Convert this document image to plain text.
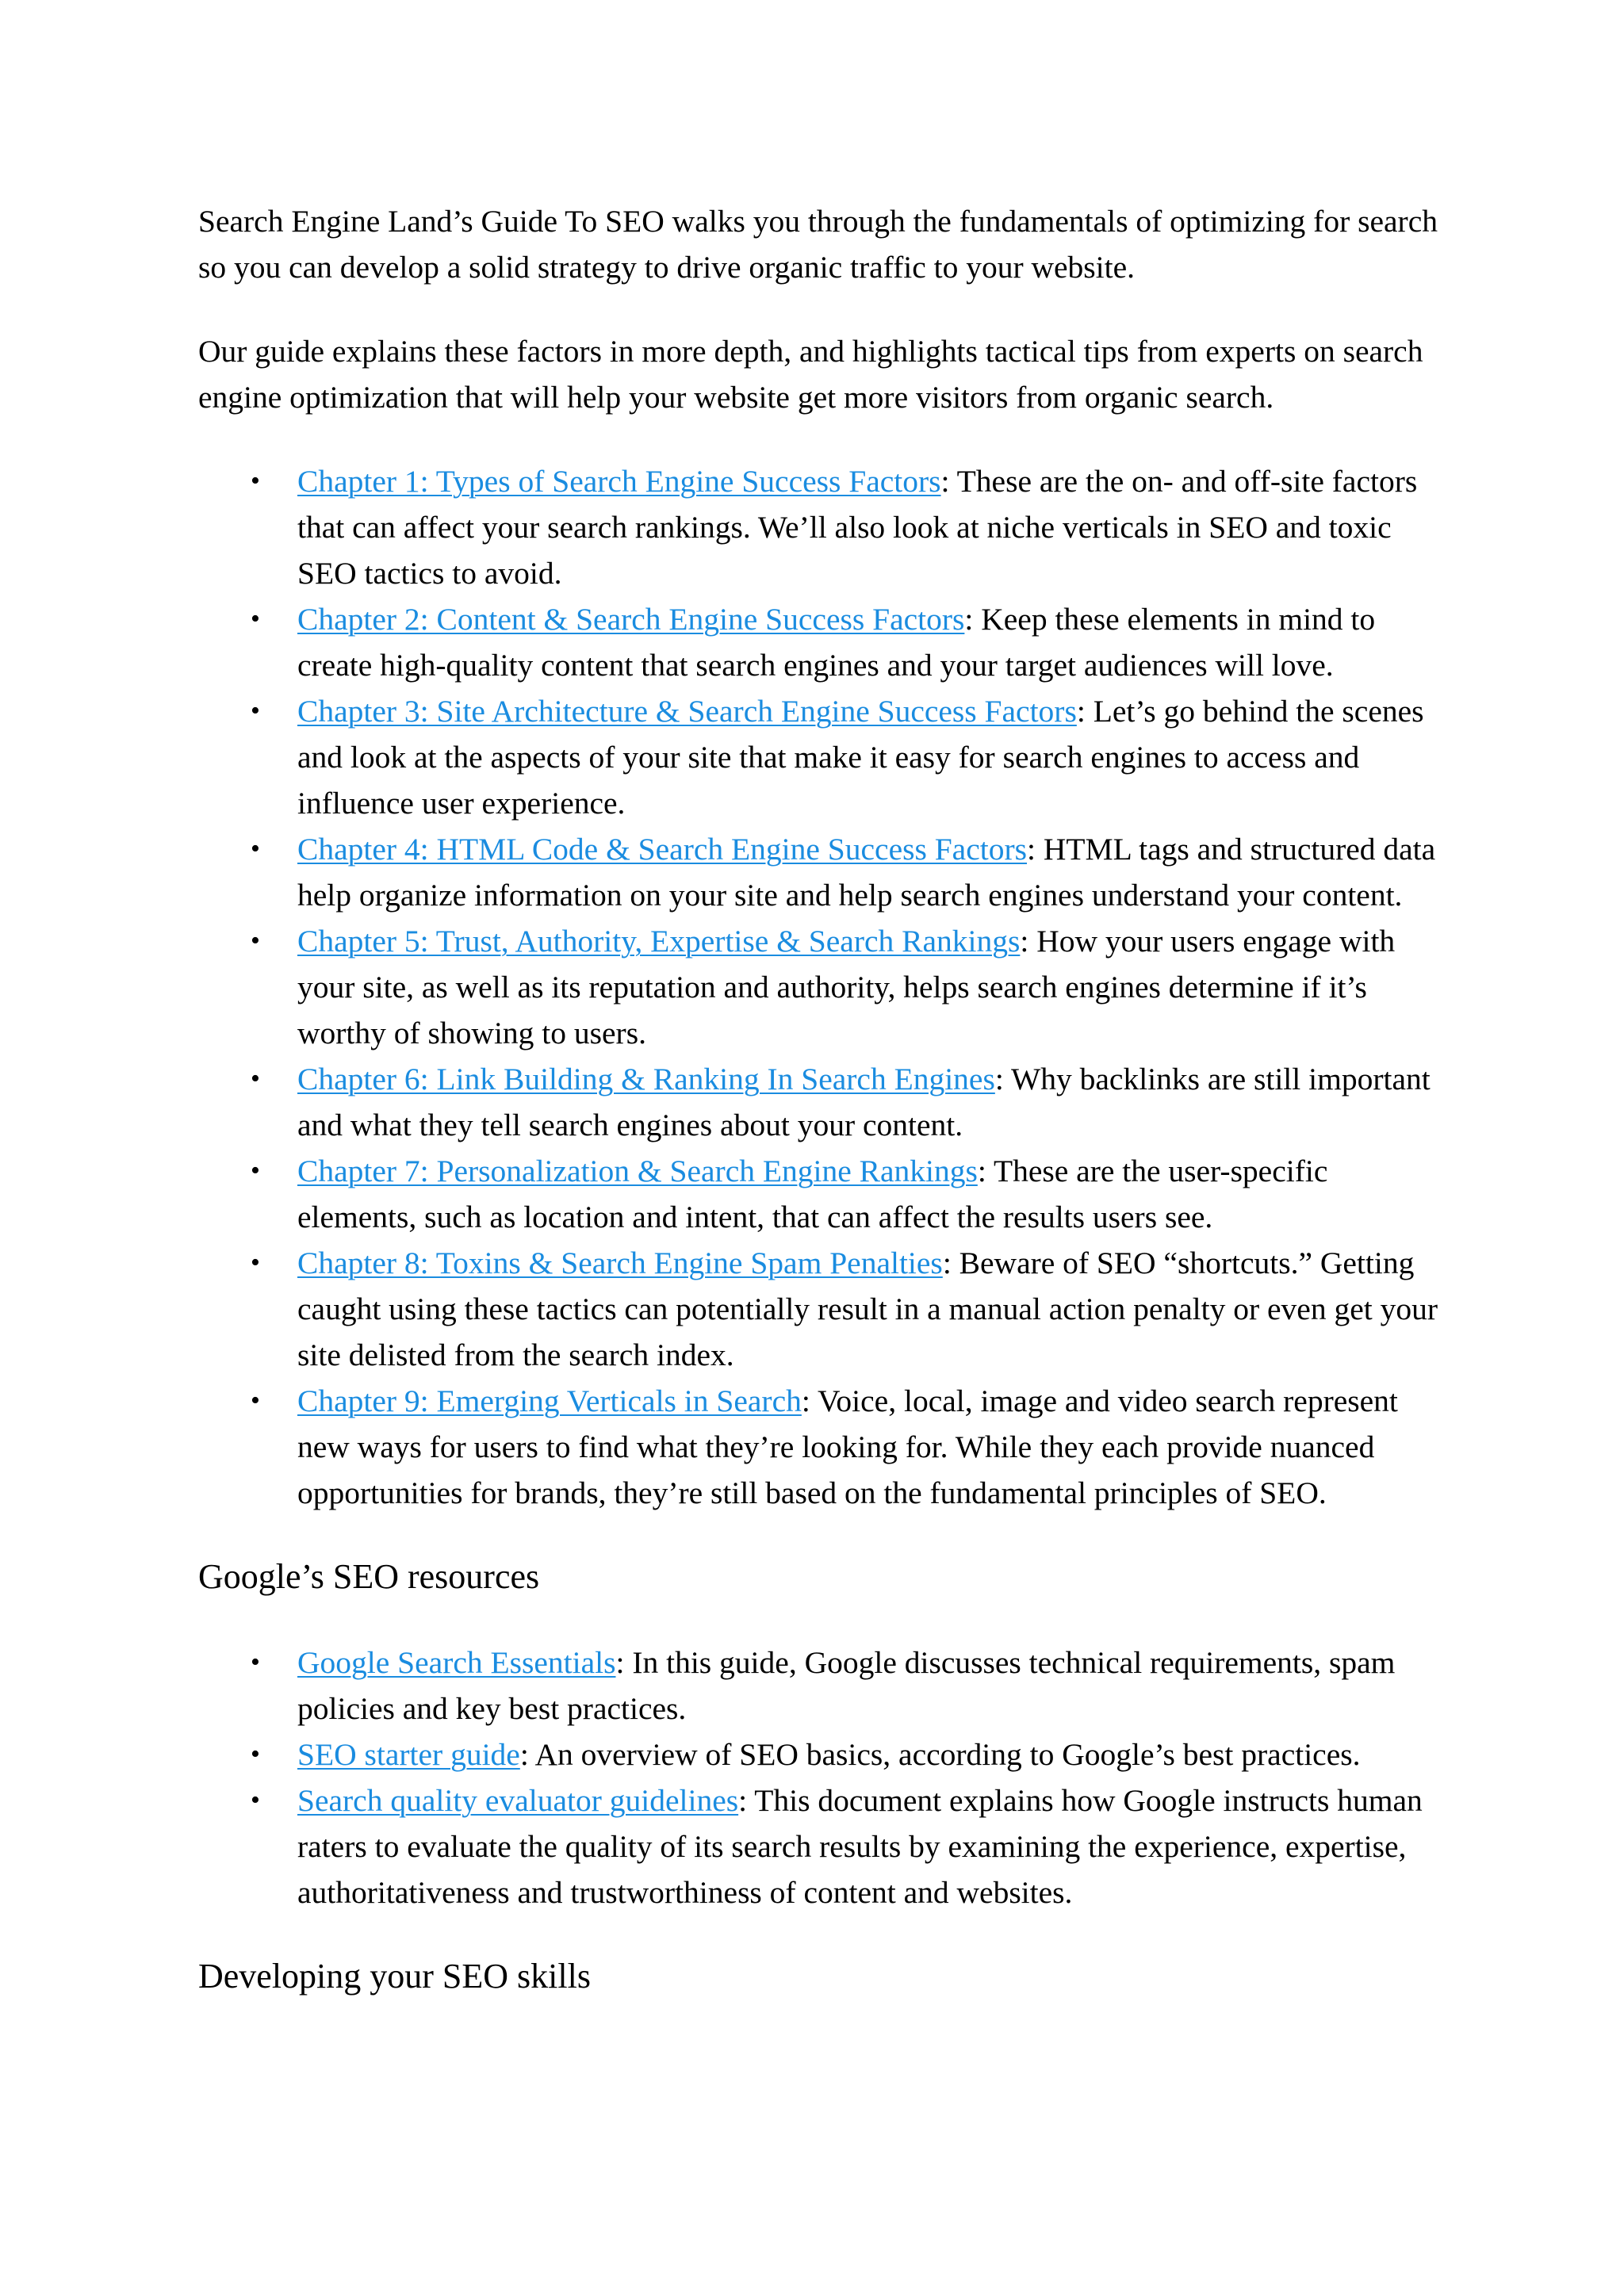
Search Engine Land’s Guide To SEO walks you through the fundamentals of optimizing for search so you can develop a solid strategy to drive organic traffic to your website.

Our guide explains these factors in more depth, and highlights tactical tips from experts on search engine optimization that will help your website get more visitors from organic search.

• Chapter 1: Types of Search Engine Success Factors: These are the on- and off-site factors that can affect your search rankings. We’ll also look at niche verticals in SEO and toxic SEO tactics to avoid.
• Chapter 2: Content & Search Engine Success Factors: Keep these elements in mind to create high-quality content that search engines and your target audiences will love.
• Chapter 3: Site Architecture & Search Engine Success Factors: Let’s go behind the scenes and look at the aspects of your site that make it easy for search engines to access and influence user experience.
• Chapter 4: HTML Code & Search Engine Success Factors: HTML tags and structured data help organize information on your site and help search engines understand your content.
• Chapter 5: Trust, Authority, Expertise & Search Rankings: How your users engage with your site, as well as its reputation and authority, helps search engines determine if it’s worthy of showing to users.
• Chapter 6: Link Building & Ranking In Search Engines: Why backlinks are still important and what they tell search engines about your content.
• Chapter 7: Personalization & Search Engine Rankings: These are the user-specific elements, such as location and intent, that can affect the results users see.
• Chapter 8: Toxins & Search Engine Spam Penalties: Beware of SEO “shortcuts.” Getting caught using these tactics can potentially result in a manual action penalty or even get your site delisted from the search index.
• Chapter 9: Emerging Verticals in Search: Voice, local, image and video search represent new ways for users to find what they’re looking for. While they each provide nuanced opportunities for brands, they’re still based on the fundamental principles of SEO.
Google’s SEO resources
• Google Search Essentials: In this guide, Google discusses technical requirements, spam policies and key best practices.
• SEO starter guide: An overview of SEO basics, according to Google’s best practices.
• Search quality evaluator guidelines: This document explains how Google instructs human raters to evaluate the quality of its search results by examining the experience, expertise, authoritativeness and trustworthiness of content and websites.
Developing your SEO skills
